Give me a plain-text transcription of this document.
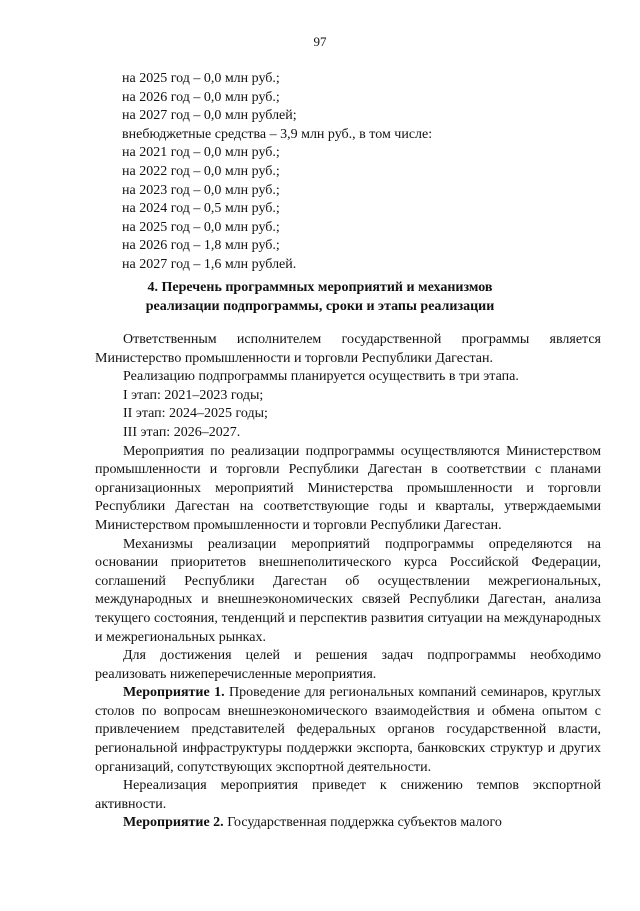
97
на 2025 год – 0,0 млн руб.;
на 2026 год – 0,0 млн руб.;
на 2027 год – 0,0 млн рублей;
внебюджетные средства – 3,9 млн руб., в том числе:
на 2021 год – 0,0 млн руб.;
на 2022 год – 0,0 млн руб.;
на 2023 год – 0,0 млн руб.;
на 2024 год – 0,5 млн руб.;
на 2025 год – 0,0 млн руб.;
на 2026 год – 1,8 млн руб.;
на 2027 год – 1,6 млн рублей.
4. Перечень программных мероприятий и механизмов
реализации подпрограммы, сроки и этапы реализации

Ответственным исполнителем государственной программы является Министерство промышленности и торговли Республики Дагестан.

Реализацию подпрограммы планируется осуществить в три этапа.

I этап: 2021–2023 годы;

II этап: 2024–2025 годы;

III этап: 2026–2027.

Мероприятия по реализации подпрограммы осуществляются Министерством промышленности и торговли Республики Дагестан в соответствии с планами организационных мероприятий Министерства промышленности и торговли Республики Дагестан на соответствующие годы и кварталы, утверждаемыми Министерством промышленности и торговли Республики Дагестан.

Механизмы реализации мероприятий подпрограммы определяются на основании приоритетов внешнеполитического курса Российской Федерации, соглашений Республики Дагестан об осуществлении межрегиональных, международных и внешнеэкономических связей Республики Дагестан, анализа текущего состояния, тенденций и перспектив развития ситуации на международных и межрегиональных рынках.

Для достижения целей и решения задач подпрограммы необходимо реализовать нижеперечисленные мероприятия.

Мероприятие 1. Проведение для региональных компаний семинаров, круглых столов по вопросам внешнеэкономического взаимодействия и обмена опытом с привлечением представителей федеральных органов государственной власти, региональной инфраструктуры поддержки экспорта, банковских структур и других организаций, сопутствующих экспортной деятельности.

Нереализация мероприятия приведет к снижению темпов экспортной активности.

Мероприятие 2. Государственная поддержка субъектов малого
